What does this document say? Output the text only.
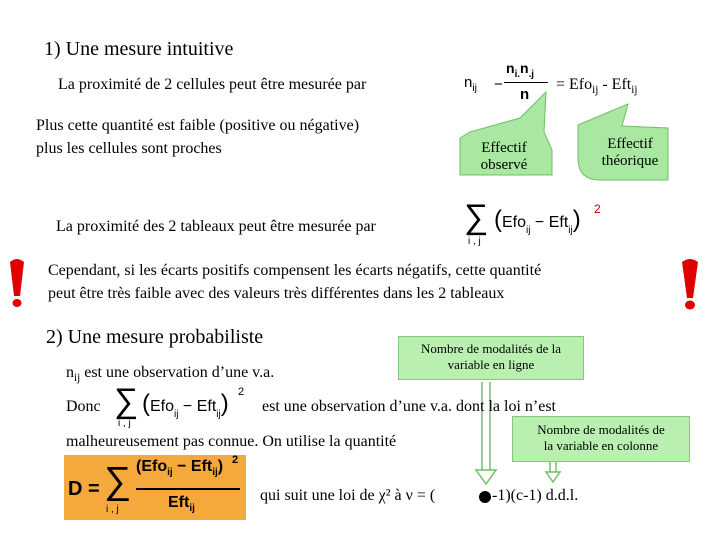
1) Une mesure intuitive
La proximité de 2 cellules peut être mesurée par	$n_{ij}$ −
$n_{i.}n_{.j}$
n
= Efo$_{ij}$ - Eft$_{ij}$
Plus cette quantité est faible (positive ou négative)
plus les cellules sont proches	Effectif
observé
Effectif
théorique
La proximité des 2 tableaux peut être mesurée par	∑
i , j
(Efo$_{ij}$ − Eft$_{ij}$) 2
Cependant, si les écarts positifs compensent les écarts négatifs, cette quantité
peut être très faible avec des valeurs très différentes dans les 2 tableaux
2) Une mesure probabiliste
Nombre de modalités de la
variable en ligne
$n_{ij}$ est une observation d’une v.a.
Donc ∑
i , j
(Efo$_{ij}$ − Eft$_{ij}$) 2
est une observation d’une v.a. dont la loi n’est
Nombre de modalités de
la variable en colonne
malheureusement pas connue. On utilise la quantité
D = ∑
i , j
(Efo$_{ij}$ − Eft$_{ij}$) 2
Eft$_{ij}$
qui suit une loi de χ² à ν = (	-1)(c-1) d.d.l.
